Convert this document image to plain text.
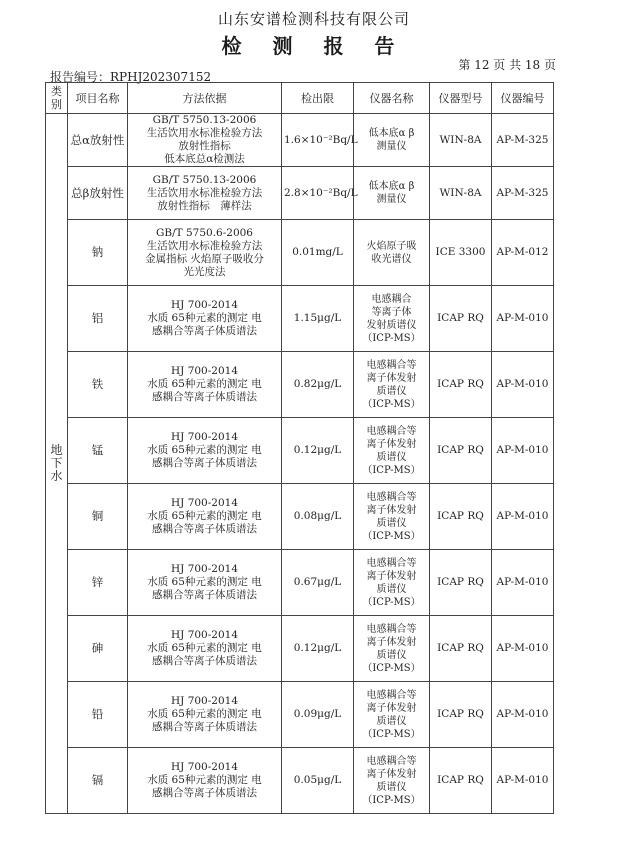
山东安谱检测科技有限公司
检 测 报 告
第 12 页 共 18 页
报告编号：RPHJ202307152
类别	项目名称	方法依据	检出限	仪器名称	仪器型号	仪器编号

地
下
水	总α放射性	GB/T 5750.13-2006
生活饮用水标准检验方法
放射性指标
低本底总α检测法	1.6×10⁻²Bq/L	低本底α β
测量仪	WIN-8A	AP-M-325
	总β放射性	GB/T 5750.13-2006
生活饮用水标准检验方法
放射性指标　薄样法	2.8×10⁻²Bq/L	低本底α β
测量仪	WIN-8A	AP-M-325
	钠	GB/T 5750.6-2006
生活饮用水标准检验方法
金属指标 火焰原子吸收分
光光度法	0.01mg/L	火焰原子吸
收光谱仪	ICE 3300	AP-M-012
	铝	HJ 700-2014
水质 65种元素的测定 电
感耦合等离子体质谱法	1.15μg/L	电感耦合
等离子体
发射质谱仪
（ICP-MS）	ICAP RQ	AP-M-010
	铁	HJ 700-2014
水质 65种元素的测定 电
感耦合等离子体质谱法	0.82μg/L	电感耦合等
离子体发射
质谱仪
（ICP-MS）	ICAP RQ	AP-M-010
	锰	HJ 700-2014
水质 65种元素的测定 电
感耦合等离子体质谱法	0.12μg/L	电感耦合等
离子体发射
质谱仪
（ICP-MS）	ICAP RQ	AP-M-010
	铜	HJ 700-2014
水质 65种元素的测定 电
感耦合等离子体质谱法	0.08μg/L	电感耦合等
离子体发射
质谱仪
（ICP-MS）	ICAP RQ	AP-M-010
	锌	HJ 700-2014
水质 65种元素的测定 电
感耦合等离子体质谱法	0.67μg/L	电感耦合等
离子体发射
质谱仪
（ICP-MS）	ICAP RQ	AP-M-010
	砷	HJ 700-2014
水质 65种元素的测定 电
感耦合等离子体质谱法	0.12μg/L	电感耦合等
离子体发射
质谱仪
（ICP-MS）	ICAP RQ	AP-M-010
	铅	HJ 700-2014
水质 65种元素的测定 电
感耦合等离子体质谱法	0.09μg/L	电感耦合等
离子体发射
质谱仪
（ICP-MS）	ICAP RQ	AP-M-010
	镉	HJ 700-2014
水质 65种元素的测定 电
感耦合等离子体质谱法	0.05μg/L	电感耦合等
离子体发射
质谱仪
（ICP-MS）	ICAP RQ	AP-M-010
